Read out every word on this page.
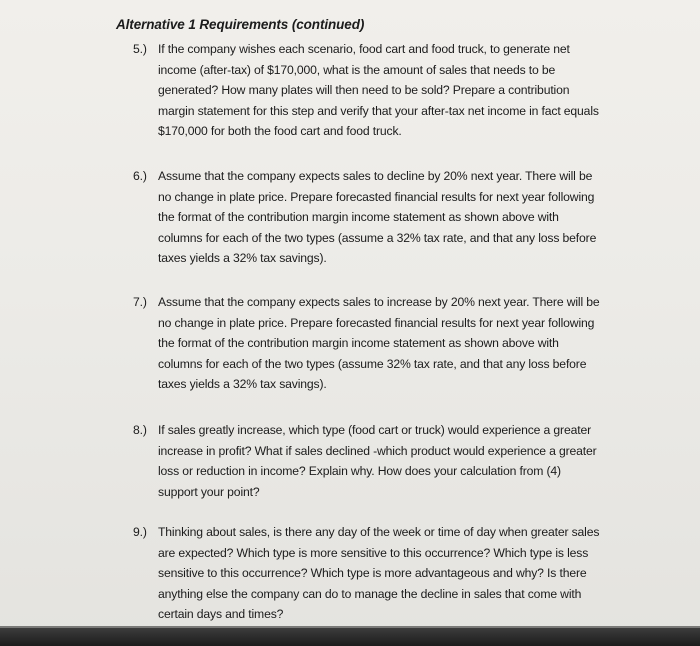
Alternative 1 Requirements (continued)
5.) If the company wishes each scenario, food cart and food truck, to generate net income (after-tax) of $170,000, what is the amount of sales that needs to be generated? How many plates will then need to be sold? Prepare a contribution margin statement for this step and verify that your after-tax net income in fact equals $170,000 for both the food cart and food truck.
6.) Assume that the company expects sales to decline by 20% next year. There will be no change in plate price. Prepare forecasted financial results for next year following the format of the contribution margin income statement as shown above with columns for each of the two types (assume a 32% tax rate, and that any loss before taxes yields a 32% tax savings).
7.) Assume that the company expects sales to increase by 20% next year. There will be no change in plate price. Prepare forecasted financial results for next year following the format of the contribution margin income statement as shown above with columns for each of the two types (assume 32% tax rate, and that any loss before taxes yields a 32% tax savings).
8.) If sales greatly increase, which type (food cart or truck) would experience a greater increase in profit? What if sales declined -which product would experience a greater loss or reduction in income? Explain why. How does your calculation from (4) support your point?
9.) Thinking about sales, is there any day of the week or time of day when greater sales are expected? Which type is more sensitive to this occurrence? Which type is less sensitive to this occurrence? Which type is more advantageous and why? Is there anything else the company can do to manage the decline in sales that come with certain days and times?
